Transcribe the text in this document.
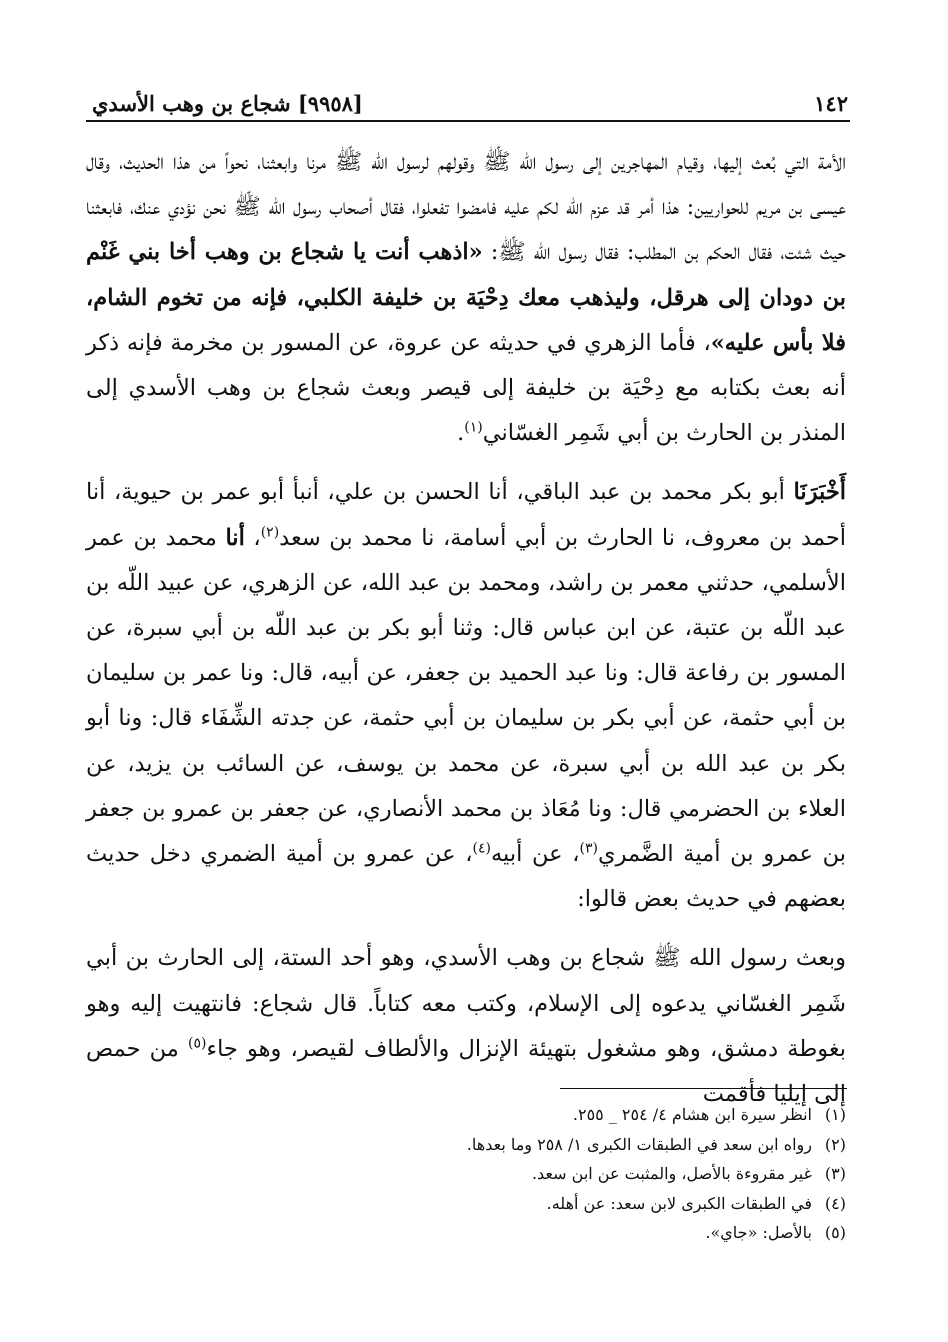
١٤٢
[٩٩٥٨] شجاع بن وهب الأسدي

الأمة التي بُعث إليها، وقيام المهاجرين إلى رسول الله ﷺ وقولهم لرسول الله ﷺ مرنا وابعثنا، نحواً من هذا الحديث، وقال عيسى بن مريم للحواريين: هذا أمر قد عزم الله لكم عليه فامضوا تفعلوا، فقال أصحاب رسول الله ﷺ نحن نؤدي عنك، فابعثنا حيث شئت، فقال الحكم بن المطلب: فقال رسول الله ﷺ: «اذهب أنت يا شجاع بن وهب أخا بني غَنْم بن دودان إلى هرقل، وليذهب معك دِحْيَة بن خليفة الكلبي، فإنه من تخوم الشام، فلا بأس عليه»، فأما الزهري في حديثه عن عروة، عن المسور بن مخرمة فإنه ذكر أنه بعث بكتابه مع دِحْيَة بن خليفة إلى قيصر وبعث شجاع بن وهب الأسدي إلى المنذر بن الحارث بن أبي شَمِر الغسّاني$^{(١)}$.

أَخْبَرَنَا أبو بكر محمد بن عبد الباقي، أنا الحسن بن علي، أنبأ أبو عمر بن حيوية، أنا أحمد بن معروف، نا الحارث بن أبي أسامة، نا محمد بن سعد$^{(٢)}$، أنا محمد بن عمر الأسلمي، حدثني معمر بن راشد، ومحمد بن عبد الله، عن الزهري، عن عبيد اللّه بن عبد اللّه بن عتبة، عن ابن عباس قال: وثنا أبو بكر بن عبد اللّه بن أبي سبرة، عن المسور بن رفاعة قال: ونا عبد الحميد بن جعفر، عن أبيه، قال: ونا عمر بن سليمان بن أبي حثمة، عن أبي بكر بن سليمان بن أبي حثمة، عن جدته الشِّفَاء قال: ونا أبو بكر بن عبد الله بن أبي سبرة، عن محمد بن يوسف، عن السائب بن يزيد، عن العلاء بن الحضرمي قال: ونا مُعَاذ بن محمد الأنصاري، عن جعفر بن عمرو بن جعفر بن عمرو بن أمية الضَّمري$^{(٣)}$، عن أبيه$^{(٤)}$، عن عمرو بن أمية الضمري دخل حديث بعضهم في حديث بعض قالوا:

وبعث رسول الله ﷺ شجاع بن وهب الأسدي، وهو أحد الستة، إلى الحارث بن أبي شَمِر الغسّاني يدعوه إلى الإسلام، وكتب معه كتاباً. قال شجاع: فانتهيت إليه وهو بغوطة دمشق، وهو مشغول بتهيئة الإنزال والألطاف لقيصر، وهو جاء$^{(٥)}$ من حمص إلى إيليا فأقمت

(١)
انظر سيرة ابن هشام ٤/ ٢٥٤ _ ٢٥٥.
(٢)
رواه ابن سعد في الطبقات الكبرى ١/ ٢٥٨ وما بعدها.
(٣)
غير مقروءة بالأصل، والمثبت عن ابن سعد.
(٤)
في الطبقات الكبرى لابن سعد: عن أهله.
(٥)
بالأصل: «جاي».
